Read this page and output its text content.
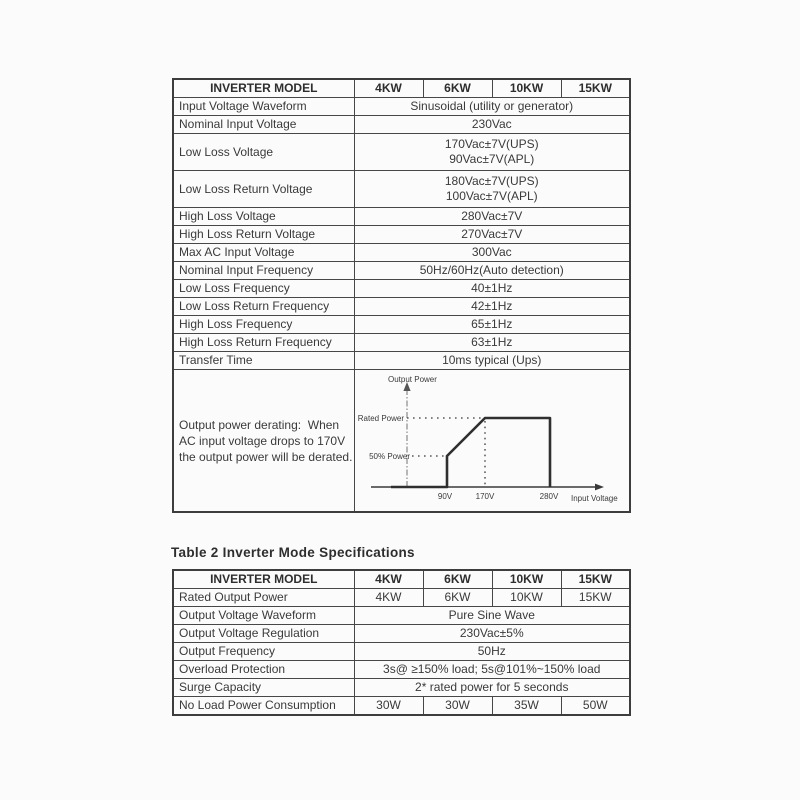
INVERTER MODEL	4KW	6KW	10KW	15KW
Input Voltage Waveform	Sinusoidal (utility or generator)			
Nominal Input Voltage	230Vac			
Low Loss Voltage	170Vac±7V(UPS)
90Vac±7V(APL)			

Low Loss Return Voltage	180Vac±7V(UPS)
100Vac±7V(APL)			

High Loss Voltage	280Vac±7V			
High Loss Return Voltage	270Vac±7V			
Max AC Input Voltage	300Vac			
Nominal Input Frequency	50Hz/60Hz(Auto detection)			
Low Loss Frequency	40±1Hz			
Low Loss Return Frequency	42±1Hz			
High Loss Frequency	65±1Hz			
High Loss Return Frequency	63±1Hz			
Transfer Time	10ms typical (Ups)			

Output power derating:  When
AC input voltage drops to 170V
the output power will be derated.

Output Power
Rated Power
50% Power
90V	170V	280V Input Voltage
Table 2 Inverter Mode Specifications
INVERTER MODEL	4KW	6KW	10KW	15KW
Rated Output Power	4KW	6KW	10KW	15KW
Output Voltage Waveform	Pure Sine Wave			
Output Voltage Regulation	230Vac±5%			
Output Frequency	50Hz			
Overload Protection	3s@ ≥150% load; 5s@101%~150% load			
Surge Capacity	2* rated power for 5 seconds			
No Load Power Consumption	30W	30W	35W	50W
